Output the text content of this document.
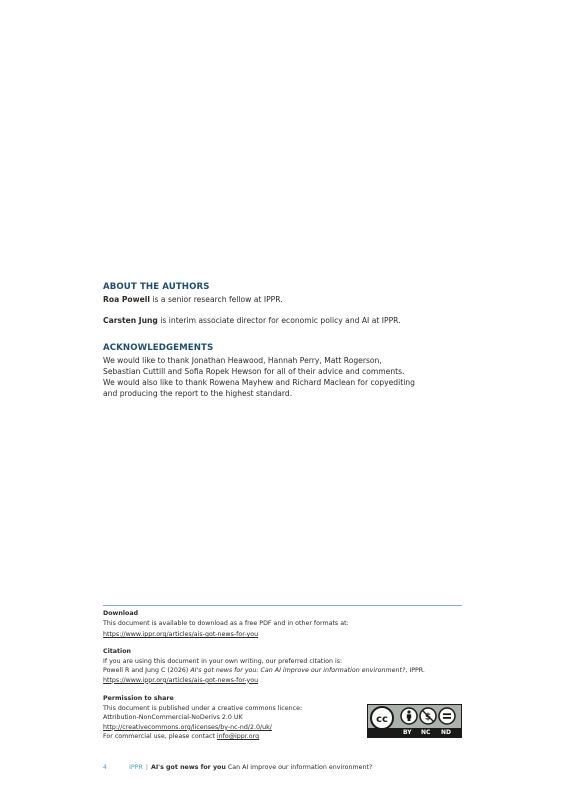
ABOUT THE AUTHORS
Roa Powell is a senior research fellow at IPPR.
Carsten Jung is interim associate director for economic policy and AI at IPPR.
ACKNOWLEDGEMENTS
We would like to thank Jonathan Heawood, Hannah Perry, Matt Rogerson,
Sebastian Cuttill and Sofia Ropek Hewson for all of their advice and comments.
We would also like to thank Rowena Mayhew and Richard Maclean for copyediting
and producing the report to the highest standard.
Download
This document is available to download as a free PDF and in other formats at:
https://www.ippr.org/articles/ais-got-news-for-you
Citation
If you are using this document in your own writing, our preferred citation is:
Powell R and Jung C (2026) AI's got news for you: Can AI improve our information environment?, IPPR.
https://www.ippr.org/articles/ais-got-news-for-you
Permission to share
This document is published under a creative commons licence:
Attribution-NonCommercial-NoDerivs 2.0 UK
http://creativecommons.org/licenses/by-nc-nd/2.0/uk/
For commercial use, please contact info@ippr.org
cc	$
BY NC ND
4	IPPR | AI's got news for you Can AI improve our information environment?
